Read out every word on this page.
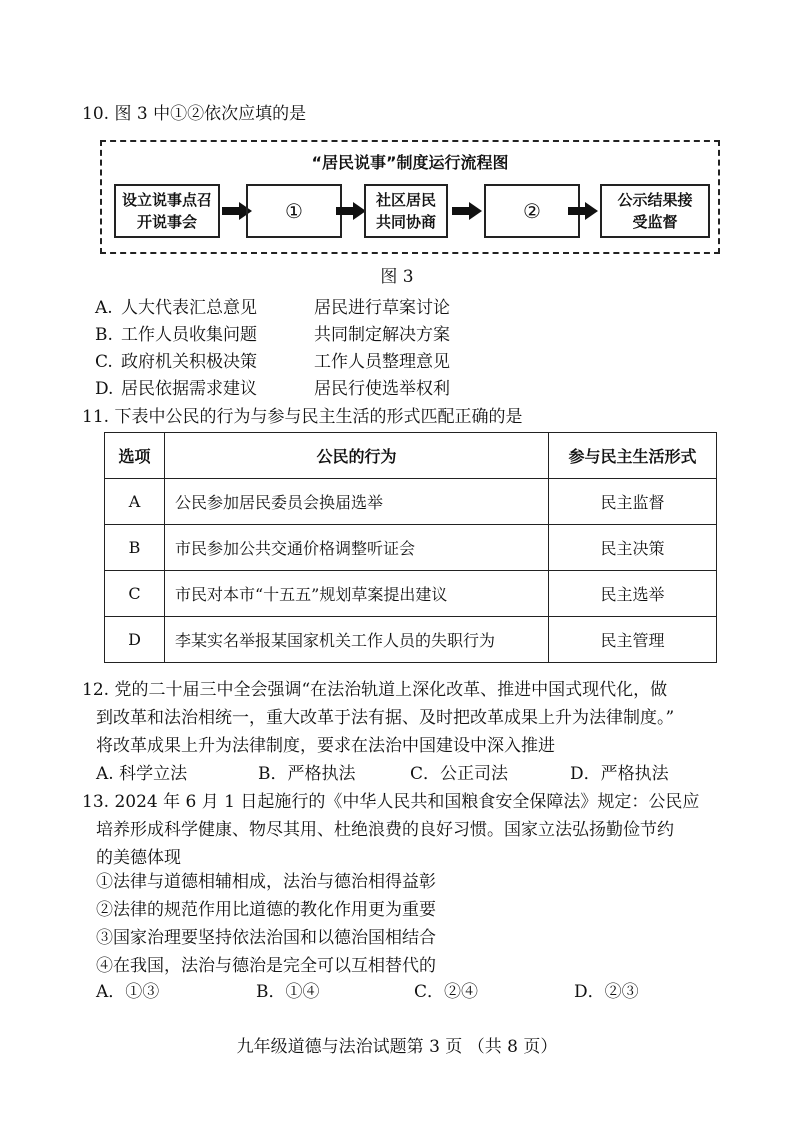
10. 图 3 中①②依次应填的是
“居民说事”制度运行流程图
设立说事点召开说事会	①	社区居民共同协商	②	公示结果接受监督
图 3
A. 人大代表汇总意见	居民进行草案讨论
B. 工作人员收集问题	共同制定解决方案
C. 政府机关积极决策	工作人员整理意见
D. 居民依据需求建议	居民行使选举权利
11. 下表中公民的行为与参与民主生活的形式匹配正确的是
选项	公民的行为	参与民主生活形式
A	公民参加居民委员会换届选举	民主监督
B	市民参加公共交通价格调整听证会	民主决策
C	市民对本市“十五五”规划草案提出建议	民主选举
D	李某实名举报某国家机关工作人员的失职行为	民主管理
12. 党的二十届三中全会强调“在法治轨道上深化改革、推进中国式现代化，做
到改革和法治相统一，重大改革于法有据、及时把改革成果上升为法律制度。”
将改革成果上升为法律制度，要求在法治中国建设中深入推进
A. 科学立法	B．严格执法	C．公正司法	D．严格执法
13. 2024 年 6 月 1 日起施行的《中华人民共和国粮食安全保障法》规定：公民应
培养形成科学健康、物尽其用、杜绝浪费的良好习惯。国家立法弘扬勤俭节约
的美德体现
①法律与道德相辅相成，法治与德治相得益彰
②法律的规范作用比道德的教化作用更为重要
③国家治理要坚持依法治国和以德治国相结合
④在我国，法治与德治是完全可以互相替代的
A．①③	B．①④	C．②④	D．②③
九年级道德与法治试题第 3 页 （共 8 页）
